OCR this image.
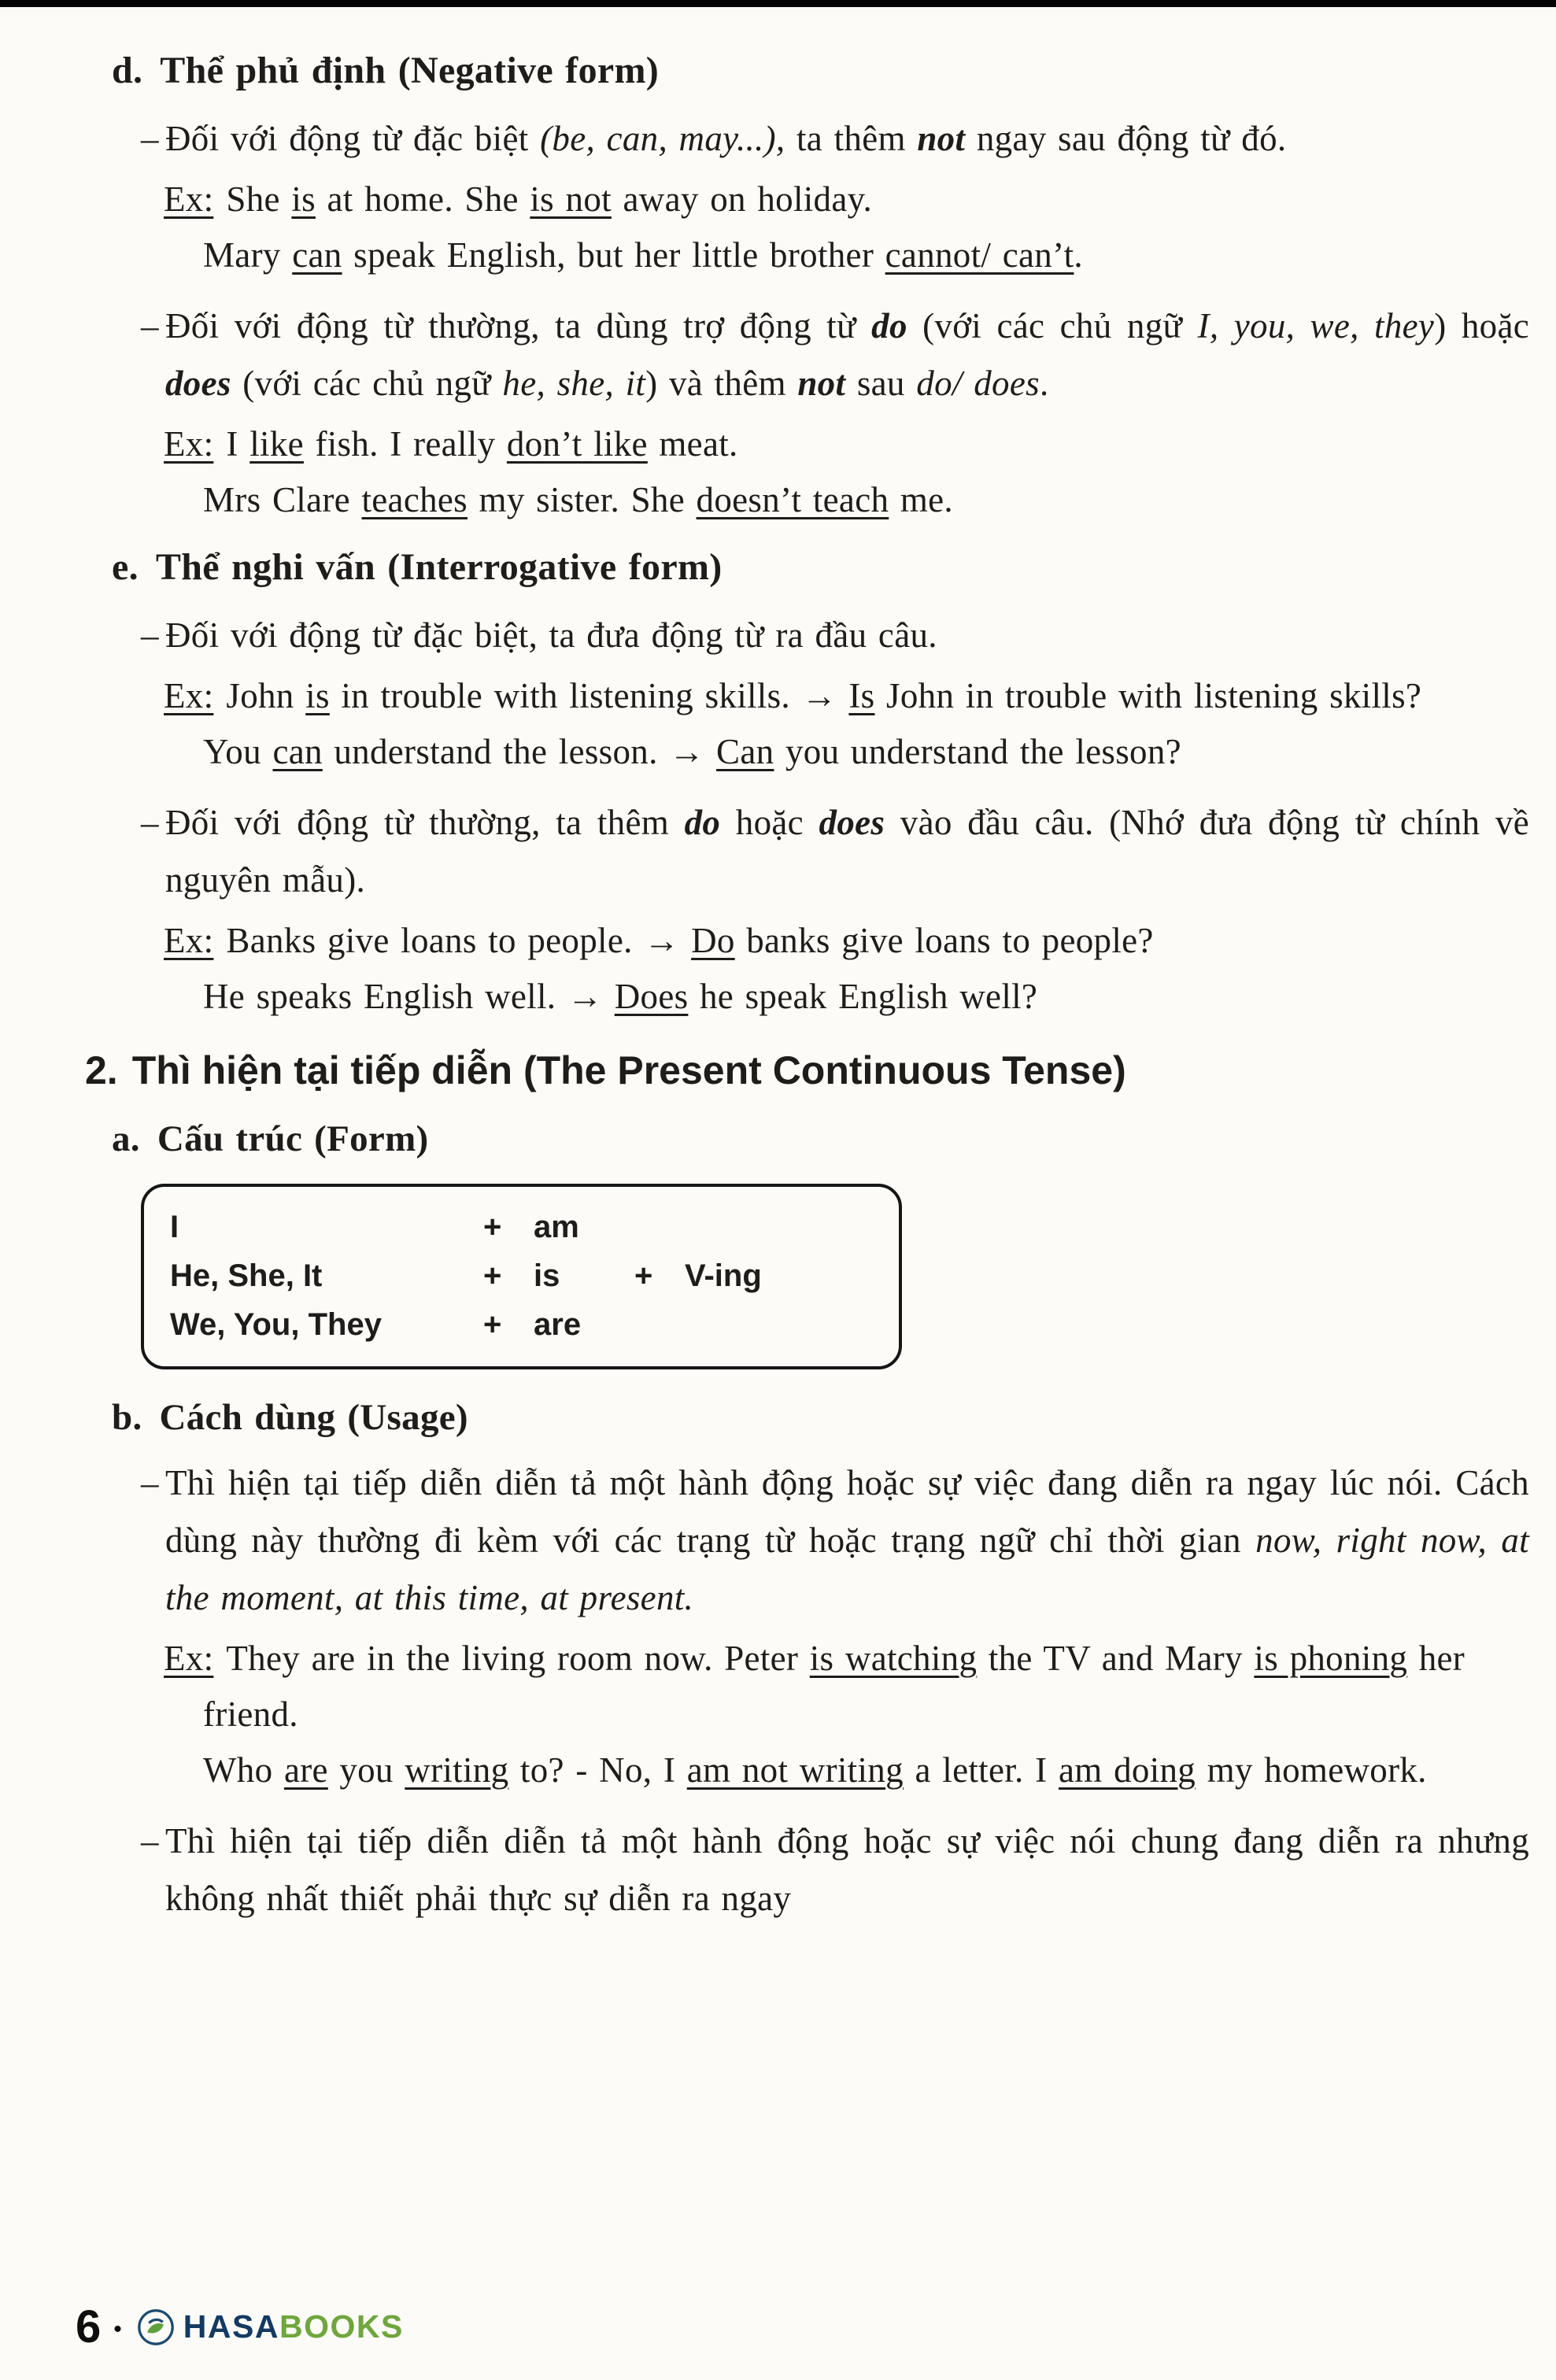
d. Thể phủ định (Negative form)
– Đối với động từ đặc biệt (be, can, may...), ta thêm not ngay sau động từ đó.
Ex: She is at home. She is not away on holiday.
Mary can speak English, but her little brother cannot/ can’t.
– Đối với động từ thường, ta dùng trợ động từ do (với các chủ ngữ I, you, we, they) hoặc does (với các chủ ngữ he, she, it) và thêm not sau do/ does.
Ex: I like fish. I really don’t like meat.
Mrs Clare teaches my sister. She doesn’t teach me.
e. Thể nghi vấn (Interrogative form)
– Đối với động từ đặc biệt, ta đưa động từ ra đầu câu.
Ex: John is in trouble with listening skills. → Is John in trouble with listening skills?
You can understand the lesson. → Can you understand the lesson?
– Đối với động từ thường, ta thêm do hoặc does vào đầu câu. (Nhớ đưa động từ chính về nguyên mẫu).
Ex: Banks give loans to people. → Do banks give loans to people?
He speaks English well. → Does he speak English well?
2. Thì hiện tại tiếp diễn (The Present Continuous Tense)
a. Cấu trúc (Form)
I	+	am
He, She, It	+	is	+	V-ing
We, You, They	+	are
b. Cách dùng (Usage)
– Thì hiện tại tiếp diễn diễn tả một hành động hoặc sự việc đang diễn ra ngay lúc nói. Cách dùng này thường đi kèm với các trạng từ hoặc trạng ngữ chỉ thời gian now, right now, at the moment, at this time, at present.
Ex: They are in the living room now. Peter is watching the TV and Mary is phoning her friend.
Who are you writing to? - No, I am not writing a letter. I am doing my homework.
– Thì hiện tại tiếp diễn diễn tả một hành động hoặc sự việc nói chung đang diễn ra nhưng không nhất thiết phải thực sự diễn ra ngay
6 • HASABOOKS
